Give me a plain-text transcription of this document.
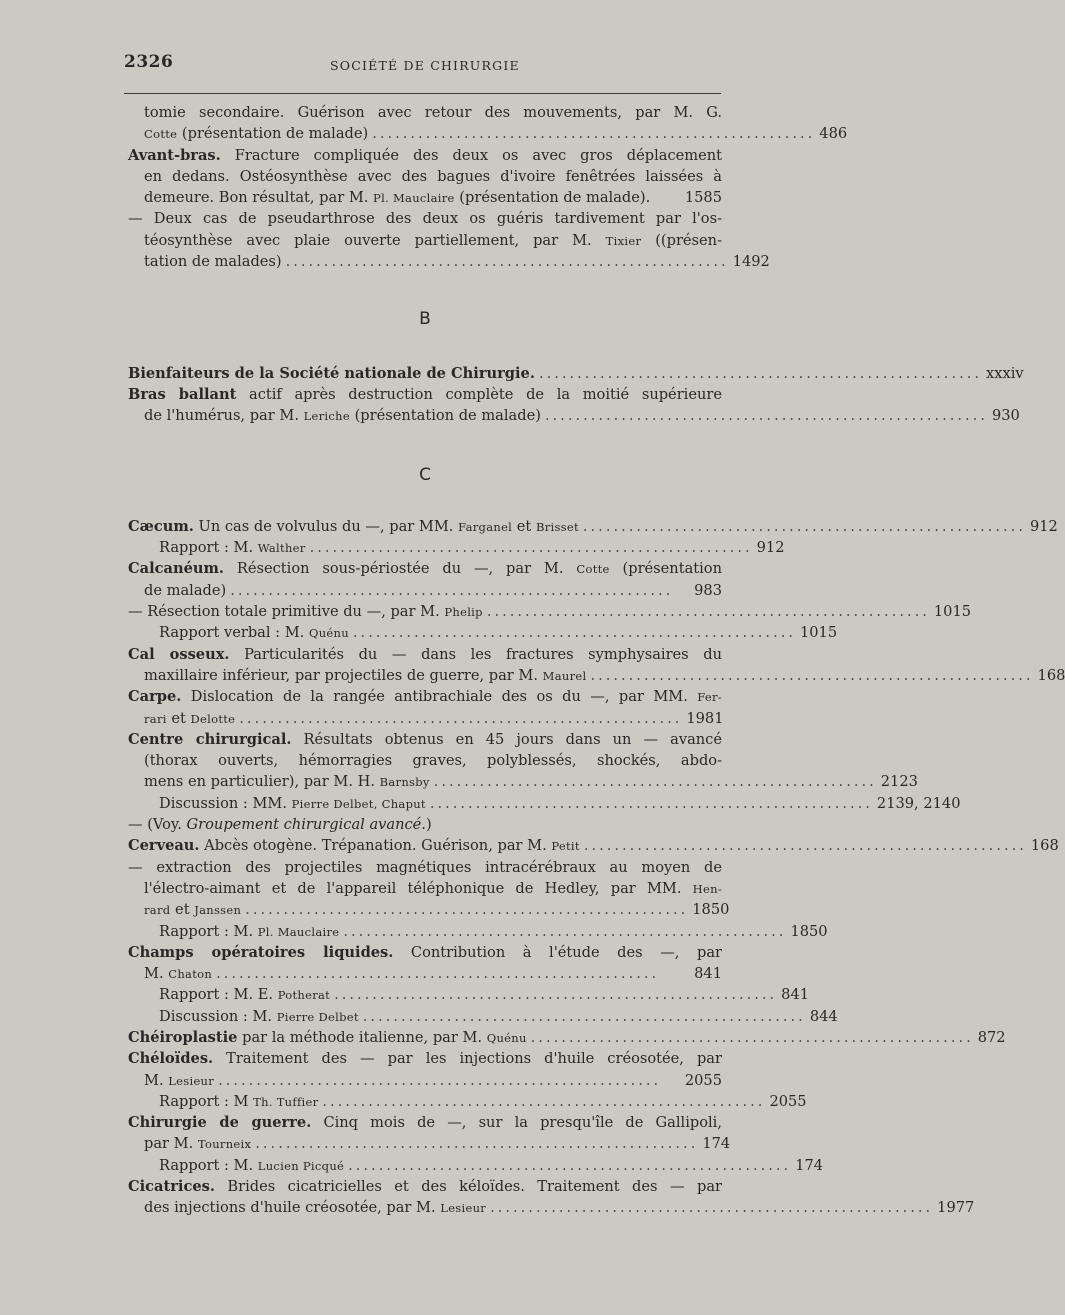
2326	SOCIÉTÉ DE CHIRURGIE
tomie secondaire. Guérison avec retour des mouvements, par M. G.
Cotte (présentation de malade) .......................................................... 486
Avant-bras. Fracture compliquée des deux os avec gros déplacement
en dedans. Ostéosynthèse avec des bagues d'ivoire fenêtrées laissées à
demeure. Bon résultat, par M. Pl. Mauclaire (présentation de malade). 1585
— Deux cas de pseudarthrose des deux os guéris tardivement par l'os-
téosynthèse avec plaie ouverte partiellement, par M. Tixier ((présen-
tation de malades) .......................................................... 1492
B
Bienfaiteurs de la Société nationale de Chirurgie. .......................................................... xxxiv
Bras ballant actif après destruction complète de la moitié supérieure
de l'humérus, par M. Leriche (présentation de malade) .......................................................... 930
C
Cæcum. Un cas de volvulus du —, par MM. Farganel et Brisset .......................................................... 912
Rapport : M. Walther .......................................................... 912
Calcanéum. Résection sous-périostée du —, par M. Cotte (présentation
de malade) ..........................................................	983
— Résection totale primitive du —, par M. Phelip .......................................................... 1015
Rapport verbal : M. Quénu .......................................................... 1015
Cal osseux. Particularités du — dans les fractures symphysaires du
maxillaire inférieur, par projectiles de guerre, par M. Maurel .......................................................... 168
Carpe. Dislocation de la rangée antibrachiale des os du —, par MM. Fer-
rari et Delotte .......................................................... 1981
Centre chirurgical. Résultats obtenus en 45 jours dans un — avancé
(thorax ouverts, hémorragies graves, polyblessés, shockés, abdo-
mens en particulier), par M. H. Barnsby .......................................................... 2123
Discussion : MM. Pierre Delbet, Chaput .......................................................... 2139, 2140
— (Voy. Groupement chirurgical avancé.)
Cerveau. Abcès otogène. Trépanation. Guérison, par M. Petit .......................................................... 168
— extraction des projectiles magnétiques intracérébraux au moyen de
l'électro-aimant et de l'appareil téléphonique de Hedley, par MM. Hen-
rard et Janssen .......................................................... 1850
Rapport : M. Pl. Mauclaire .......................................................... 1850
Champs opératoires liquides. Contribution à l'étude des —, par
M. Chaton ..........................................................	841
Rapport : M. E. Potherat .......................................................... 841
Discussion : M. Pierre Delbet .......................................................... 844
Chéiroplastie par la méthode italienne, par M. Quénu .......................................................... 872
Chéloïdes. Traitement des — par les injections d'huile créosotée, par
M. Lesieur ..........................................................	2055
Rapport : M Th. Tuffier .......................................................... 2055
Chirurgie de guerre. Cinq mois de —, sur la presqu'île de Gallipoli,
par M. Tourneix .......................................................... 174
Rapport : M. Lucien Picqué .......................................................... 174
Cicatrices. Brides cicatricielles et des kéloïdes. Traitement des — par
des injections d'huile créosotée, par M. Lesieur .......................................................... 1977
